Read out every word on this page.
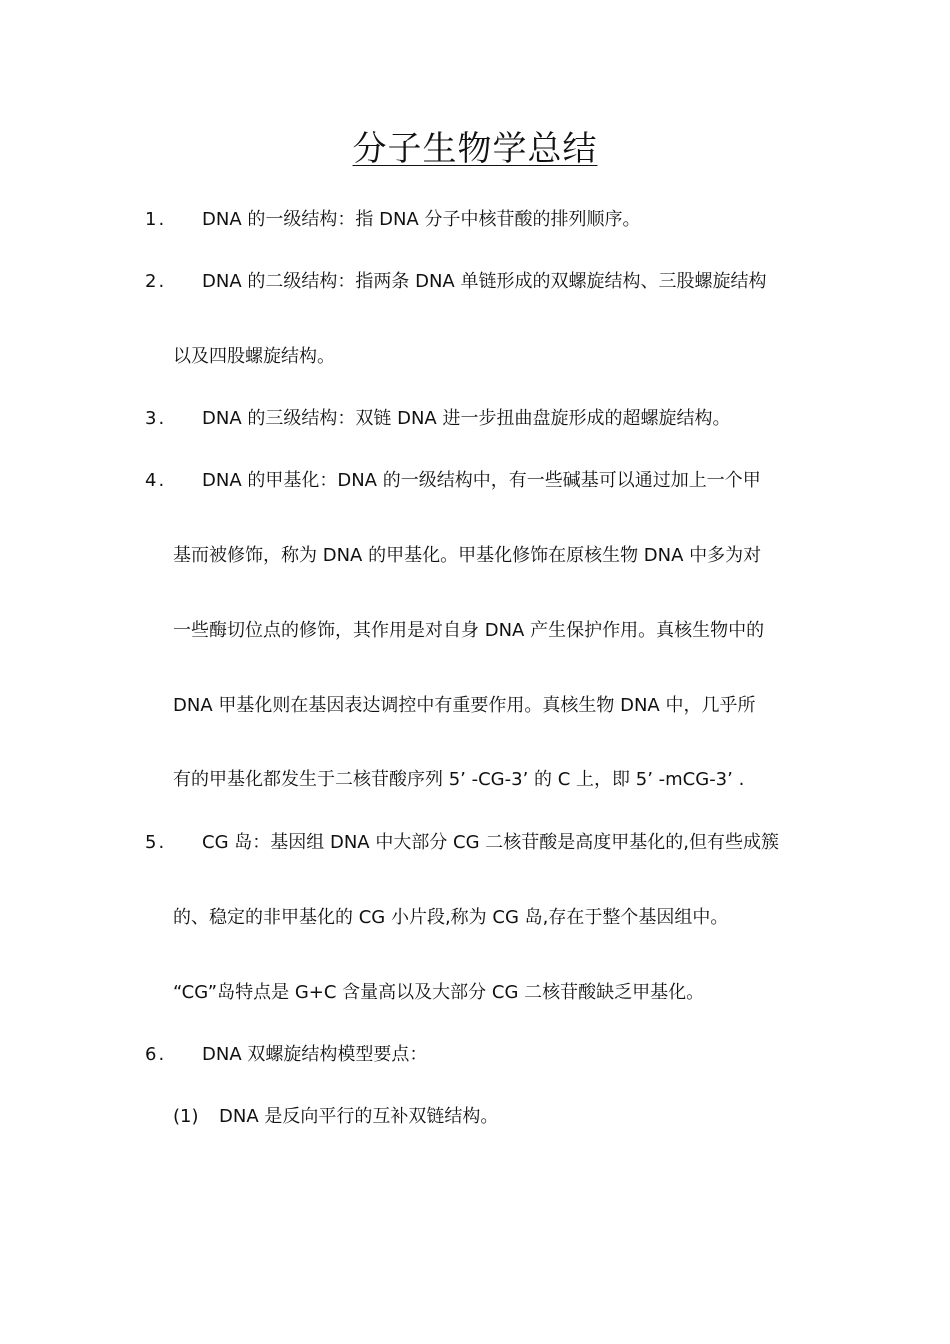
分子生物学总结
1.	DNA 的一级结构：指 DNA 分子中核苷酸的排列顺序。
2.	DNA 的二级结构：指两条 DNA 单链形成的双螺旋结构、三股螺旋结构
以及四股螺旋结构。
3.	DNA 的三级结构：双链 DNA 进一步扭曲盘旋形成的超螺旋结构。
4.	DNA 的甲基化：DNA 的一级结构中，有一些碱基可以通过加上一个甲
基而被修饰，称为 DNA 的甲基化。甲基化修饰在原核生物 DNA 中多为对
一些酶切位点的修饰，其作用是对自身 DNA 产生保护作用。真核生物中的
DNA 甲基化则在基因表达调控中有重要作用。真核生物 DNA 中，几乎所
有的甲基化都发生于二核苷酸序列 5’ -CG-3’ 的 C 上，即 5’ -mCG-3’ .
5.	CG 岛：基因组 DNA 中大部分 CG 二核苷酸是高度甲基化的,但有些成簇
的、稳定的非甲基化的 CG 小片段,称为 CG 岛,存在于整个基因组中。
“CG”岛特点是 G+C 含量高以及大部分 CG 二核苷酸缺乏甲基化。
6.	DNA 双螺旋结构模型要点：
(1) DNA 是反向平行的互补双链结构。
